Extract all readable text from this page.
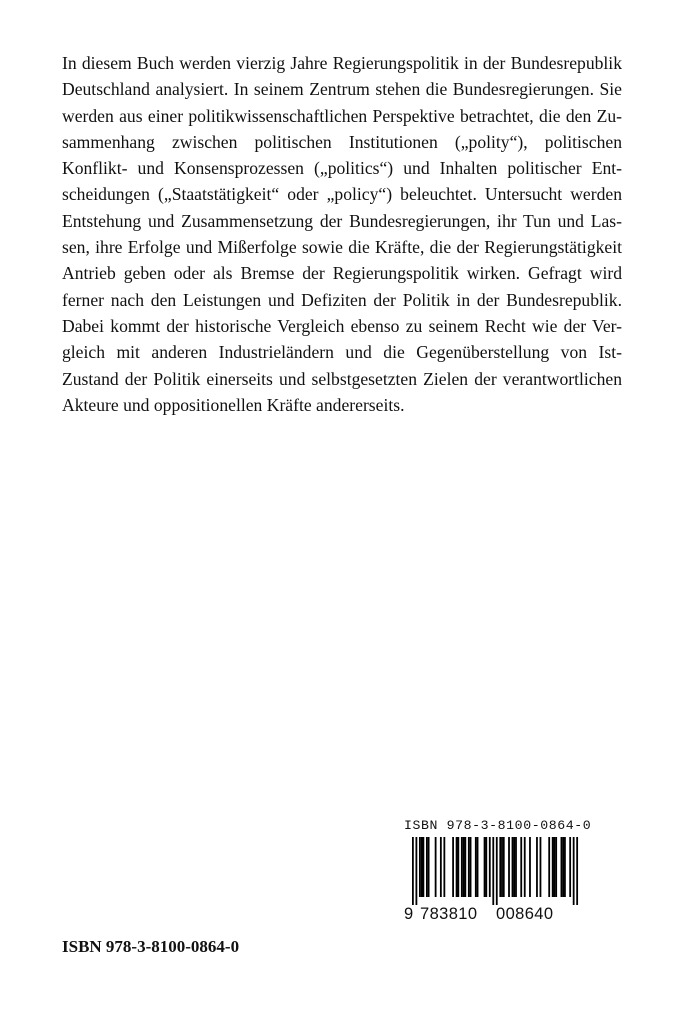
In diesem Buch werden vierzig Jahre Regierungspolitik in der Bundesrepublik
Deutschland analysiert. In seinem Zentrum stehen die Bundesregierungen. Sie
werden aus einer politikwissenschaftlichen Perspektive betrachtet, die den Zu-
sammenhang zwischen politischen Institutionen („polity“), politischen
Konflikt- und Konsensprozessen („politics“) und Inhalten politischer Ent-
scheidungen („Staatstätigkeit“ oder „policy“) beleuchtet. Untersucht werden
Entstehung und Zusammensetzung der Bundesregierungen, ihr Tun und Las-
sen, ihre Erfolge und Mißerfolge sowie die Kräfte, die der Regierungstätigkeit
Antrieb geben oder als Bremse der Regierungspolitik wirken. Gefragt wird
ferner nach den Leistungen und Defiziten der Politik in der Bundesrepublik.
Dabei kommt der historische Vergleich ebenso zu seinem Recht wie der Ver-
gleich mit anderen Industrieländern und die Gegenüberstellung von Ist-
Zustand der Politik einerseits und selbstgesetzten Zielen der verantwortlichen
Akteure und oppositionellen Kräfte andererseits.
ISBN 978-3-8100-0864-0
9 783810	008640
ISBN 978-3-8100-0864-0
